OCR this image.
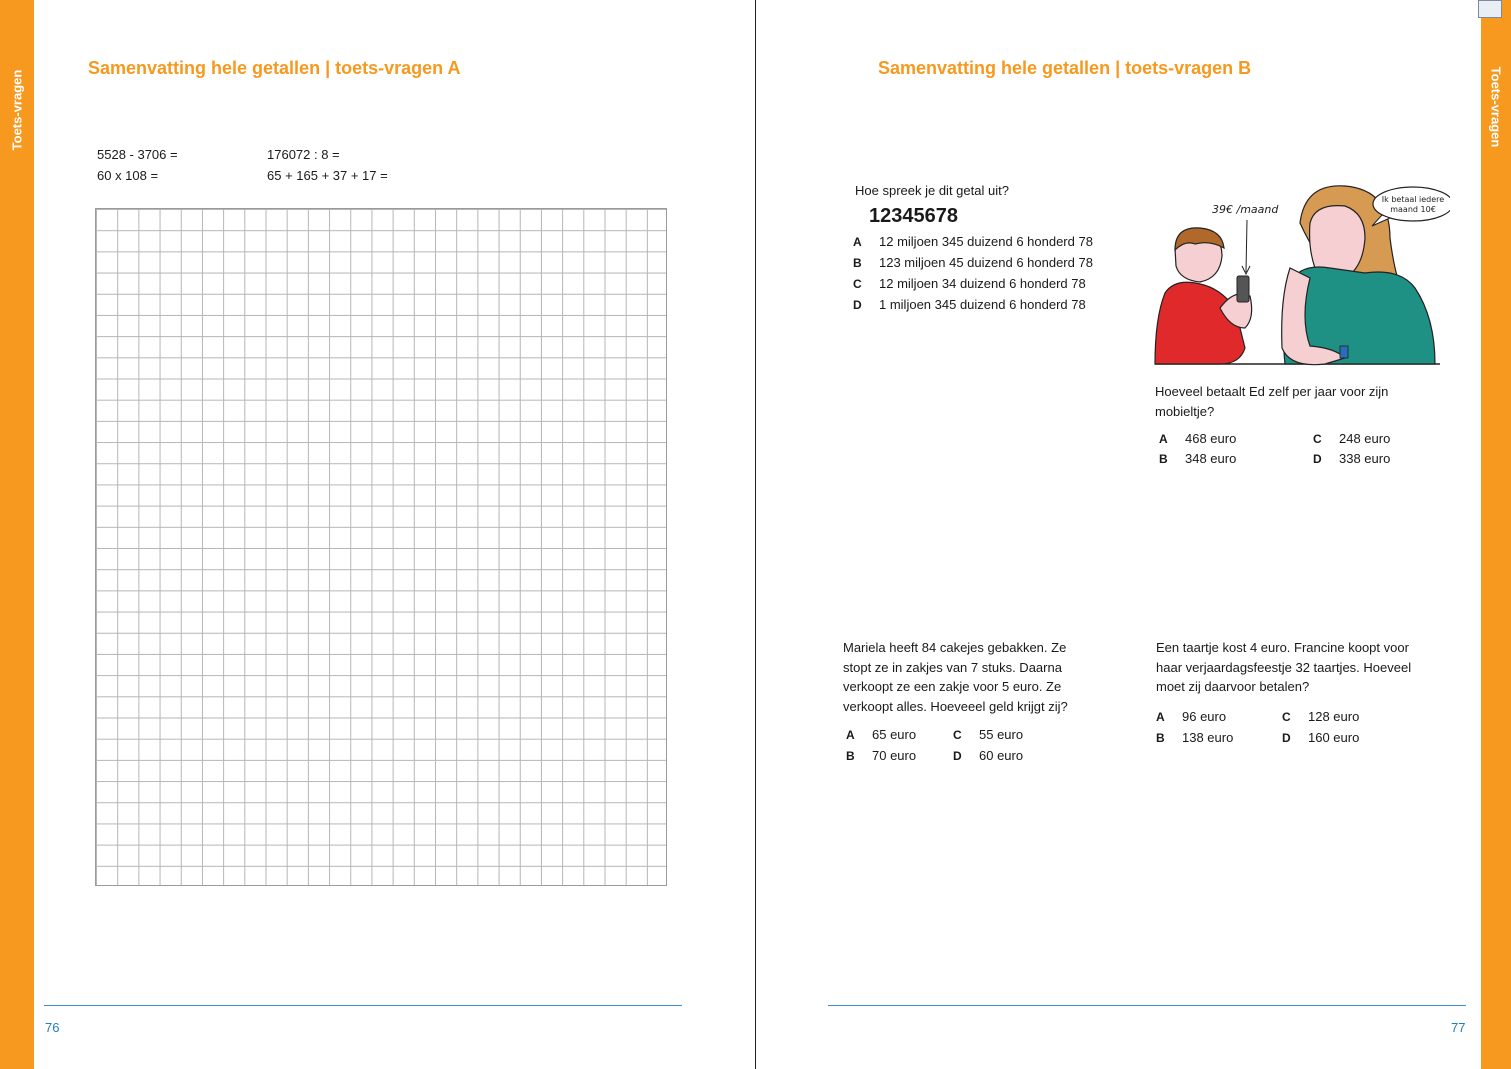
Toets-vragen	Toets-vragen
Samenvatting hele getallen | toets-vragen A
5528 - 3706 =	176072 : 8 =
60 x 108 =	65 + 165 + 37 + 17 =
76
Samenvatting hele getallen | toets-vragen B
Hoe spreek je dit getal uit?
12345678
A 12 miljoen 345 duizend 6 honderd 78
B 123 miljoen 45 duizend 6 honderd 78
C 12 miljoen 34 duizend 6 honderd 78
D 1 miljoen 345 duizend 6 honderd 78
39€ /maand
Ik betaal iedere
maand 10€
Hoeveel betaalt Ed zelf per jaar voor zijn mobieltje?
A 468 euro	C 248 euro
B 348 euro	D 338 euro
Mariela heeft 84 cakejes gebakken. Ze stopt ze in zakjes van 7 stuks. Daarna verkoopt ze een zakje voor 5 euro. Ze verkoopt alles. Hoeveeel geld krijgt zij?
A 65 euro	C 55 euro
B 70 euro	D 60 euro
Een taartje kost 4 euro. Francine koopt voor haar verjaardagsfeestje 32 taartjes. Hoeveel moet zij daarvoor betalen?
A 96 euro	C 128 euro
B 138 euro	D 160 euro
77
